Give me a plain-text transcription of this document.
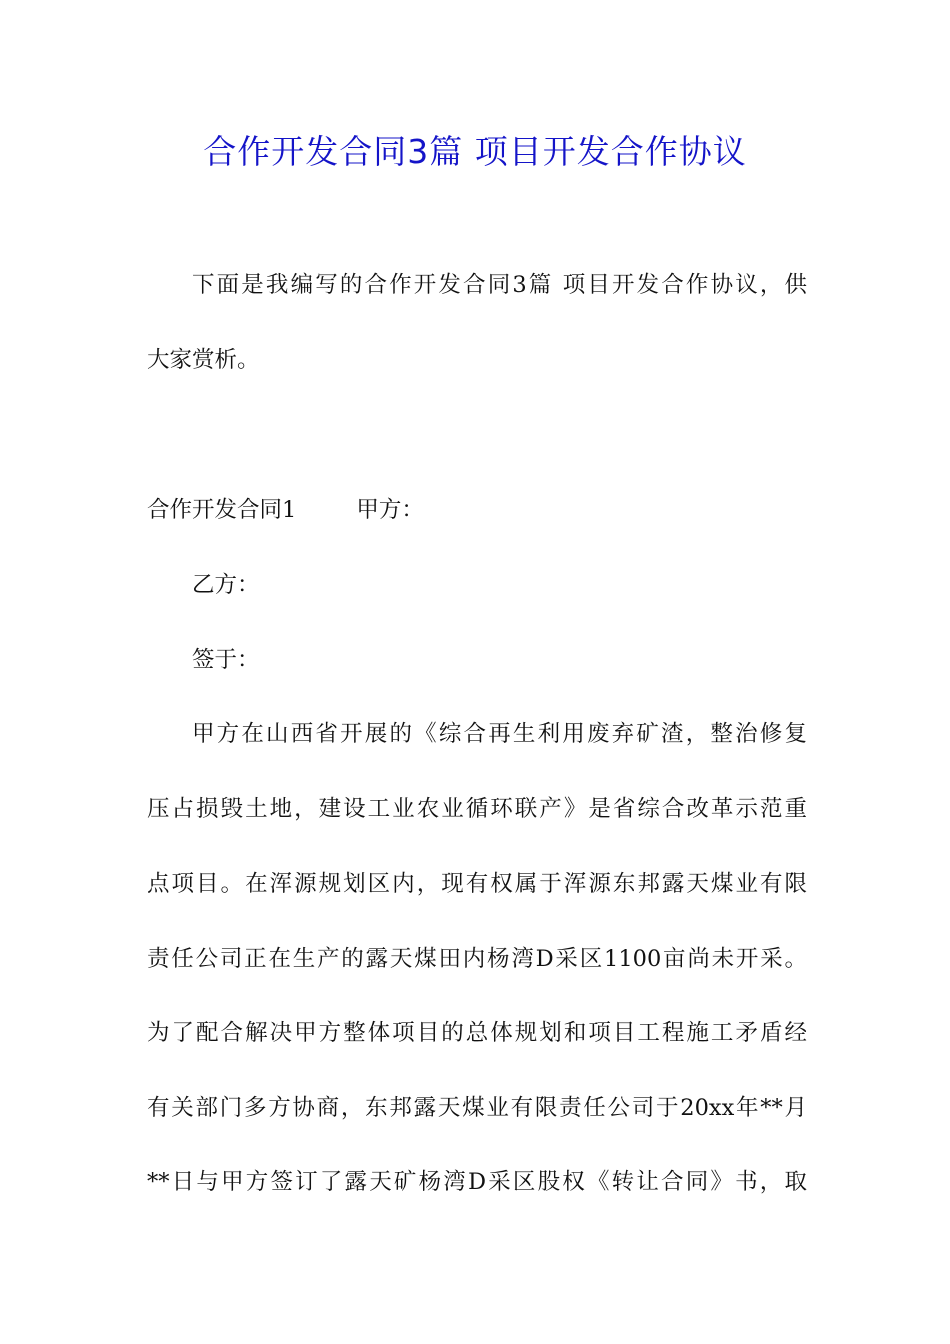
合作开发合同3篇 项目开发合作协议
下面是我编写的合作开发合同3篇 项目开发合作协议，供
大家赏析。
合作开发合同1	甲方：
乙方：
签于：
甲方在山西省开展的《综合再生利用废弃矿渣，整治修复
压占损毁土地，建设工业农业循环联产》是省综合改革示范重
点项目。在浑源规划区内，现有权属于浑源东邦露天煤业有限
责任公司正在生产的露天煤田内杨湾D采区1100亩尚未开采。
为了配合解决甲方整体项目的总体规划和项目工程施工矛盾经
有关部门多方协商，东邦露天煤业有限责任公司于20xx年**月
**日与甲方签订了露天矿杨湾D采区股权《转让合同》书，取
